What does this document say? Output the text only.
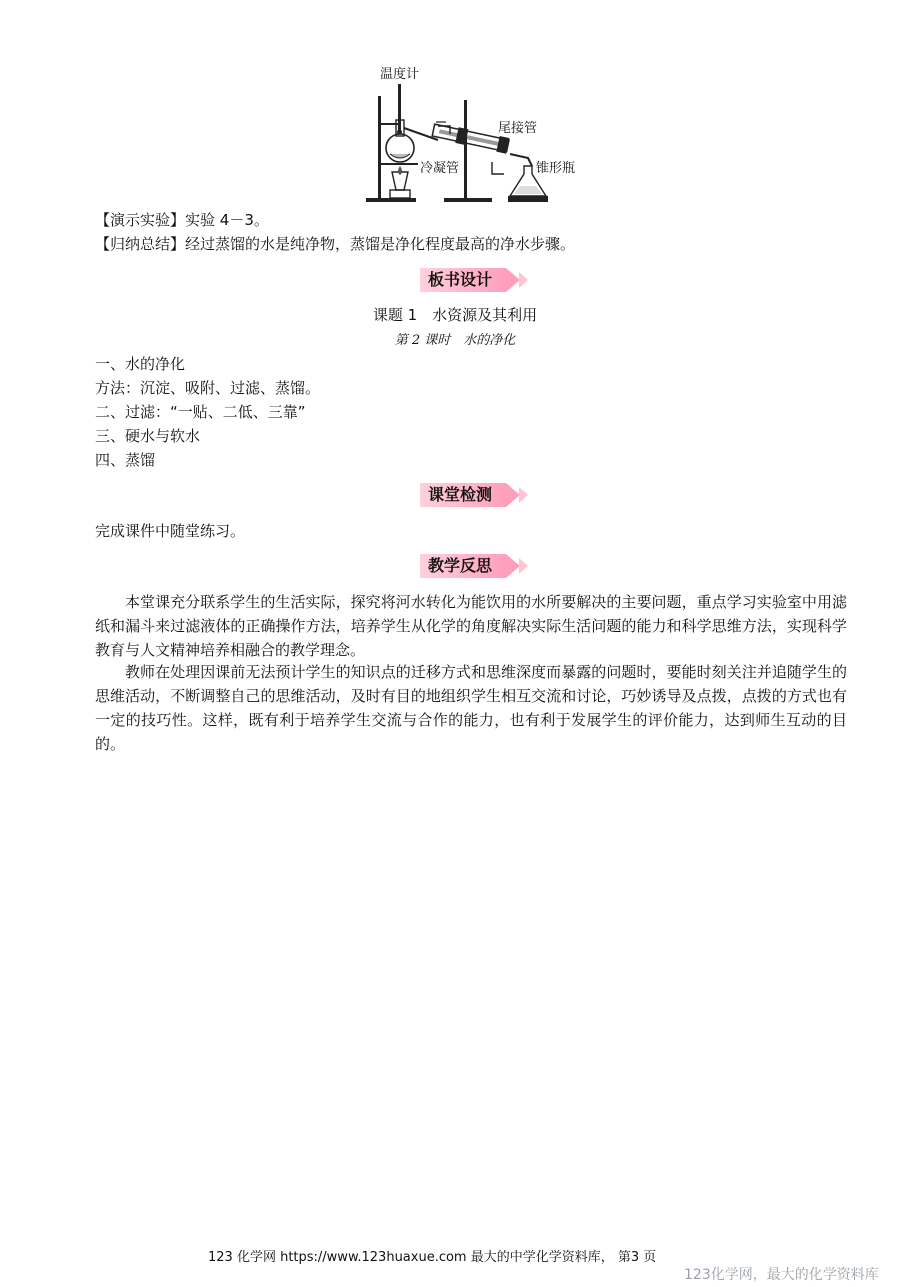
温度计
尾接管
冷凝管	锥形瓶
【演示实验】实验 4－3。
【归纳总结】经过蒸馏的水是纯净物，蒸馏是净化程度最高的净水步骤。
板书设计
课题 1　水资源及其利用
第 2 课时　水的净化
一、水的净化
方法：沉淀、吸附、过滤、蒸馏。
二、过滤：“一贴、二低、三靠”
三、硬水与软水
四、蒸馏
课堂检测
完成课件中随堂练习。
教学反思
本堂课充分联系学生的生活实际，探究将河水转化为能饮用的水所要解决的主要问题，重点学习实验室中用滤纸和漏斗来过滤液体的正确操作方法，培养学生从化学的角度解决实际生活问题的能力和科学思维方法，实现科学教育与人文精神培养相融合的教学理念。
教师在处理因课前无法预计学生的知识点的迁移方式和思维深度而暴露的问题时，要能时刻关注并追随学生的思维活动，不断调整自己的思维活动，及时有目的地组织学生相互交流和讨论，巧妙诱导及点拨，点拨的方式也有一定的技巧性。这样，既有利于培养学生交流与合作的能力，也有利于发展学生的评价能力，达到师生互动的目的。
123 化学网 https://www.123huaxue.com 最大的中学化学资料库， 第3 页
123化学网，最大的化学资料库
